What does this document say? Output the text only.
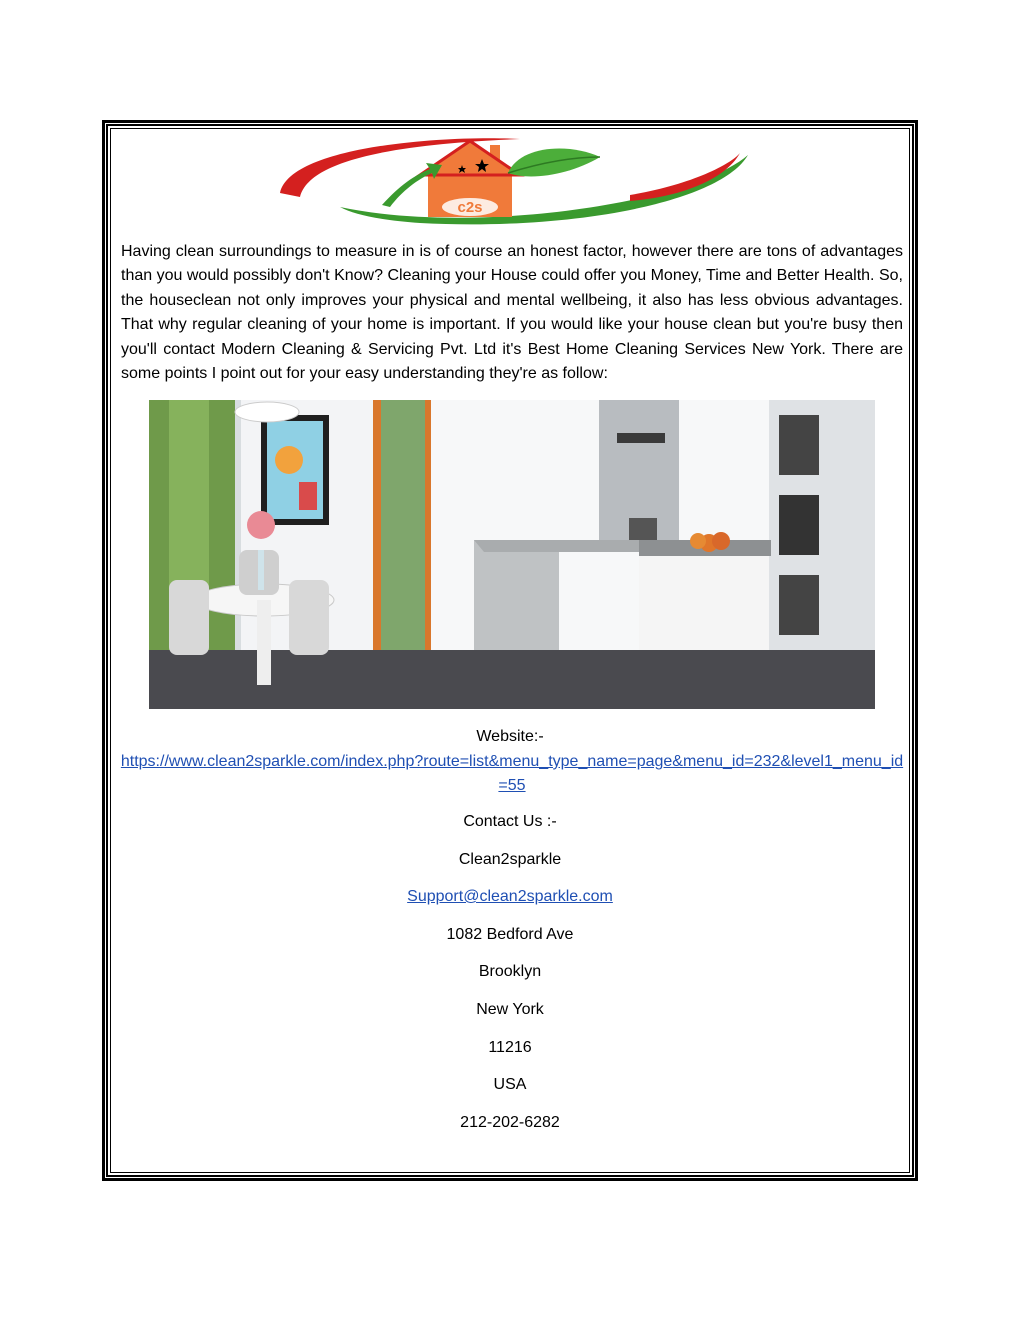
c2s

Having clean surroundings to measure in is of course an honest factor, however there are tons of advantages than you would possibly don't Know? Cleaning your House could offer you Money, Time and Better Health. So, the houseclean not only improves your physical and mental wellbeing, it also has less obvious advantages. That why regular cleaning of your home is important. If you would like your house clean but you're busy then you'll contact Modern Cleaning & Servicing Pvt. Ltd it's Best Home Cleaning Services New York. There are some points I point out for your easy understanding they're as follow:

Website:-

https://www.clean2sparkle.com/index.php?route=list&menu_type_name=page&menu_id=232&level1_menu_id=55

Contact Us :-

Clean2sparkle

Support@clean2sparkle.com

1082 Bedford Ave

Brooklyn

New York

11216

USA

212-202-6282
